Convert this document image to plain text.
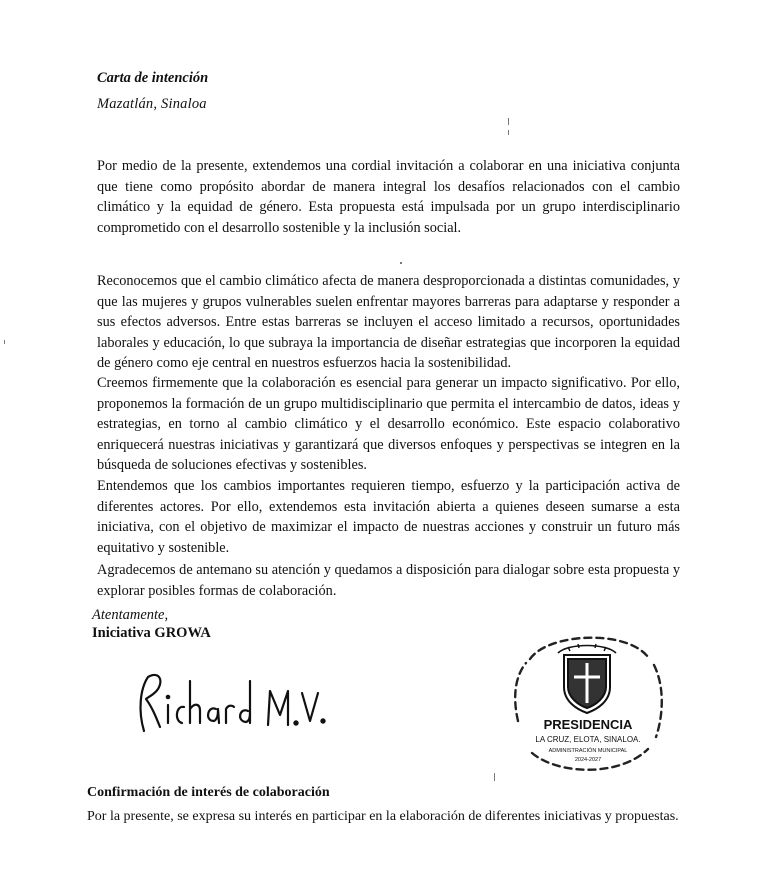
Carta de intención
Mazatlán, Sinaloa

Por medio de la presente, extendemos una cordial invitación a colaborar en una iniciativa conjunta que tiene como propósito abordar de manera integral los desafíos relacionados con el cambio climático y la equidad de género. Esta propuesta está impulsada por un grupo interdisciplinario comprometido con el desarrollo sostenible y la inclusión social.

Reconocemos que el cambio climático afecta de manera desproporcionada a distintas comunidades, y que las mujeres y grupos vulnerables suelen enfrentar mayores barreras para adaptarse y responder a sus efectos adversos. Entre estas barreras se incluyen el acceso limitado a recursos, oportunidades laborales y educación, lo que subraya la importancia de diseñar estrategias que incorporen la equidad de género como eje central en nuestros esfuerzos hacia la sostenibilidad.

Creemos firmemente que la colaboración es esencial para generar un impacto significativo. Por ello, proponemos la formación de un grupo multidisciplinario que permita el intercambio de datos, ideas y estrategias, en torno al cambio climático y el desarrollo económico. Este espacio colaborativo enriquecerá nuestras iniciativas y garantizará que diversos enfoques y perspectivas se integren en la búsqueda de soluciones efectivas y sostenibles.

Entendemos que los cambios importantes requieren tiempo, esfuerzo y la participación activa de diferentes actores. Por ello, extendemos esta invitación abierta a quienes deseen sumarse a esta iniciativa, con el objetivo de maximizar el impacto de nuestras acciones y construir un futuro más equitativo y sostenible.

Agradecemos de antemano su atención y quedamos a disposición para dialogar sobre esta propuesta y explorar posibles formas de colaboración.

Atentamente,
Iniciativa GROWA
PRESIDENCIA
LA CRUZ, ELOTA, SINALOA.
ADMINISTRACIÓN MUNICIPAL
2024-2027
Confirmación de interés de colaboración
Por la presente, se expresa su interés en participar en la elaboración de diferentes iniciativas y propuestas.
